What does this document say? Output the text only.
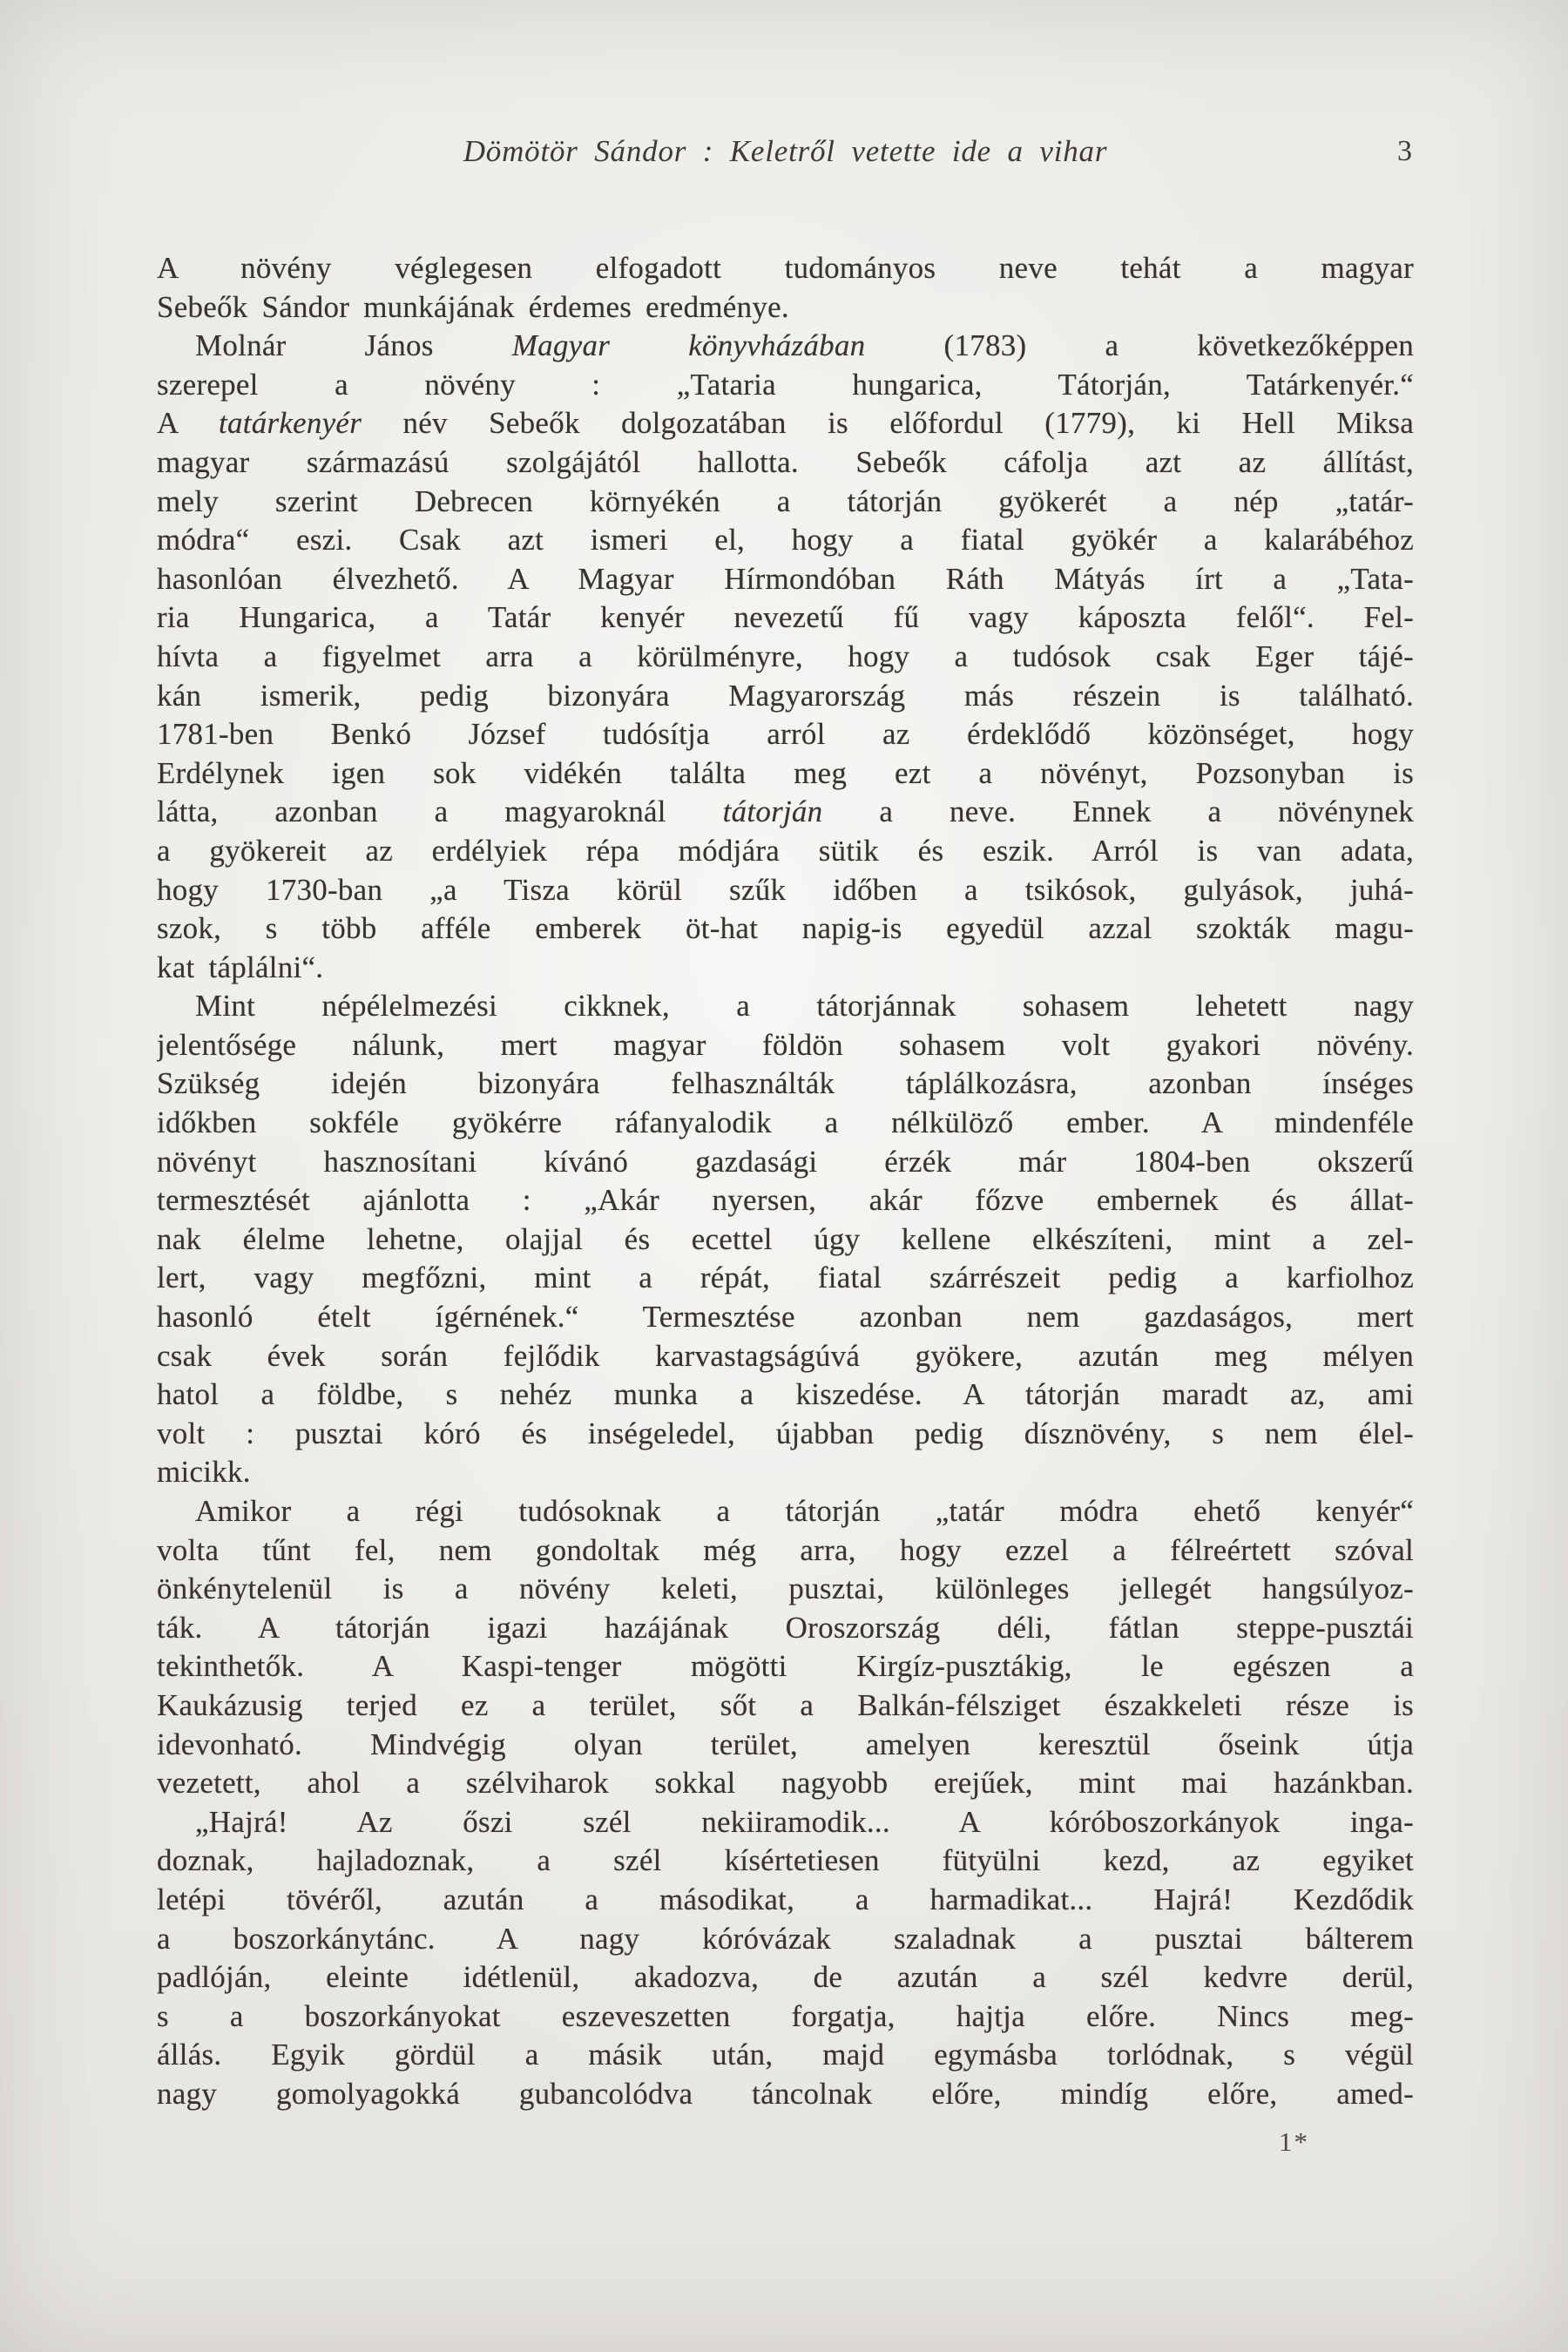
Dömötör Sándor : Keletről vetette ide a vihar	3
A növény véglegesen elfogadott tudományos neve tehát a magyar
Sebeők Sándor munkájának érdemes eredménye.
Molnár János Magyar könyvházában (1783) a következőképpen
szerepel a növény : „Tataria hungarica, Tátorján, Tatárkenyér.“
A tatárkenyér név Sebeők dolgozatában is előfordul (1779), ki Hell Miksa
magyar származású szolgájától hallotta. Sebeők cáfolja azt az állítást,
mely szerint Debrecen környékén a tátorján gyökerét a nép „tatár-
módra“ eszi. Csak azt ismeri el, hogy a fiatal gyökér a kalarábéhoz
hasonlóan élvezhető. A Magyar Hírmondóban Ráth Mátyás írt a „Tata-
ria Hungarica, a Tatár kenyér nevezetű fű vagy káposzta felől“. Fel-
hívta a figyelmet arra a körülményre, hogy a tudósok csak Eger tájé-
kán ismerik, pedig bizonyára Magyarország más részein is található.
1781-ben Benkó József tudósítja arról az érdeklődő közönséget, hogy
Erdélynek igen sok vidékén találta meg ezt a növényt, Pozsonyban is
látta, azonban a magyaroknál tátorján a neve. Ennek a növénynek
a gyökereit az erdélyiek répa módjára sütik és eszik. Arról is van adata,
hogy 1730-ban „a Tisza körül szűk időben a tsikósok, gulyások, juhá-
szok, s több afféle emberek öt-hat napig-is egyedül azzal szokták magu-
kat táplálni“.
Mint népélelmezési cikknek, a tátorjánnak sohasem lehetett nagy
jelentősége nálunk, mert magyar földön sohasem volt gyakori növény.
Szükség idején bizonyára felhasználták táplálkozásra, azonban ínséges
időkben sokféle gyökérre ráfanyalodik a nélkülöző ember. A mindenféle
növényt hasznosítani kívánó gazdasági érzék már 1804-ben okszerű
termesztését ajánlotta : „Akár nyersen, akár főzve embernek és állat-
nak élelme lehetne, olajjal és ecettel úgy kellene elkészíteni, mint a zel-
lert, vagy megfőzni, mint a répát, fiatal szárrészeit pedig a karfiolhoz
hasonló ételt ígérnének.“ Termesztése azonban nem gazdaságos, mert
csak évek során fejlődik karvastagságúvá gyökere, azután meg mélyen
hatol a földbe, s nehéz munka a kiszedése. A tátorján maradt az, ami
volt : pusztai kóró és inségeledel, újabban pedig dísznövény, s nem élel-
micikk.
Amikor a régi tudósoknak a tátorján „tatár módra ehető kenyér“
volta tűnt fel, nem gondoltak még arra, hogy ezzel a félreértett szóval
önkénytelenül is a növény keleti, pusztai, különleges jellegét hangsúlyoz-
ták. A tátorján igazi hazájának Oroszország déli, fátlan steppe-pusztái
tekinthetők. A Kaspi-tenger mögötti Kirgíz-pusztákig, le egészen a
Kaukázusig terjed ez a terület, sőt a Balkán-félsziget északkeleti része is
idevonható. Mindvégig olyan terület, amelyen keresztül őseink útja
vezetett, ahol a szélviharok sokkal nagyobb erejűek, mint mai hazánkban.
„Hajrá! Az őszi szél nekiiramodik... A kóróboszorkányok inga-
doznak, hajladoznak, a szél kísértetiesen fütyülni kezd, az egyiket
letépi tövéről, azután a másodikat, a harmadikat... Hajrá! Kezdődik
a boszorkánytánc. A nagy kóróvázak szaladnak a pusztai bálterem
padlóján, eleinte idétlenül, akadozva, de azután a szél kedvre derül,
s a boszorkányokat eszeveszetten forgatja, hajtja előre. Nincs meg-
állás. Egyik gördül a másik után, majd egymásba torlódnak, s végül
nagy gomolyagokká gubancolódva táncolnak előre, mindíg előre, amed-
1*
